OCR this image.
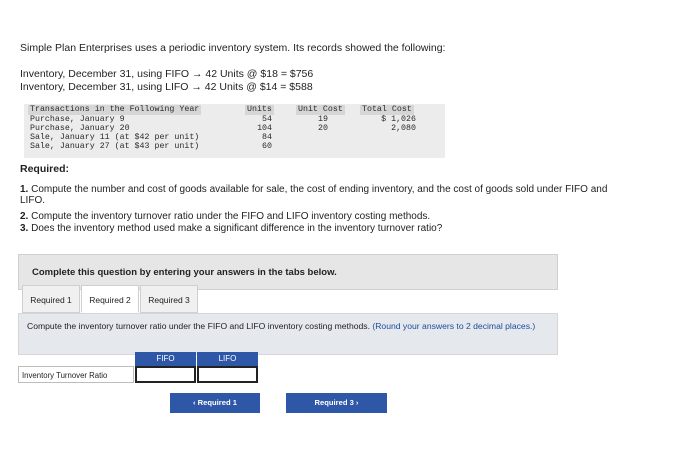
Simple Plan Enterprises uses a periodic inventory system. Its records showed the following:
Inventory, December 31, using FIFO → 42 Units @ $18 = $756
Inventory, December 31, using LIFO → 42 Units @ $14 = $588
Transactions in the Following Year	Units	Unit Cost Total Cost
Purchase, January 9	54	19	$ 1,026
Purchase, January 20	104	20	2,080
Sale, January 11 (at $42 per unit)	84
Sale, January 27 (at $43 per unit)	60
Required:
1. Compute the number and cost of goods available for sale, the cost of ending inventory, and the cost of goods sold under FIFO and LIFO.
2. Compute the inventory turnover ratio under the FIFO and LIFO inventory costing methods.
3. Does the inventory method used make a significant difference in the inventory turnover ratio?
Complete this question by entering your answers in the tabs below.
Required 1	Required 2	Required 3
Compute the inventory turnover ratio under the FIFO and LIFO inventory costing methods. (Round your answers to 2 decimal places.)
FIFO	LIFO
Inventory Turnover Ratio
‹ Required 1	Required 3 ›
